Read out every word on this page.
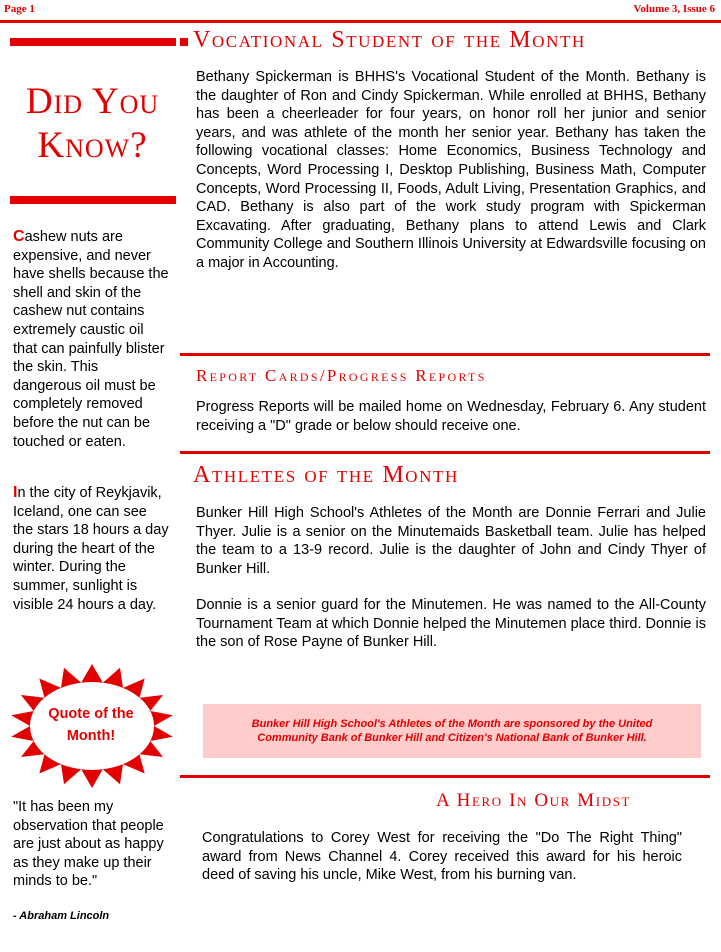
Page 1	Volume 3, Issue 6
Did You
Know?
Cashew nuts are expensive, and never have shells because the shell and skin of the cashew nut contains extremely caustic oil that can painfully blister the skin. This dangerous oil must be completely removed before the nut can be touched or eaten.
In the city of Reykjavik, Iceland, one can see the stars 18 hours a day during the heart of the winter. During the summer, sunlight is visible 24 hours a day.
Quote of the
Month!
"It has been my observation that people are just about as happy as they make up their minds to be."
- Abraham Lincoln
Vocational Student of the Month
Bethany Spickerman is BHHS's Vocational Student of the Month. Bethany is the daughter of Ron and Cindy Spickerman. While enrolled at BHHS, Bethany has been a cheerleader for four years, on honor roll her junior and senior years, and was athlete of the month her senior year. Bethany has taken the following vocational classes: Home Economics, Business Technology and Concepts, Word Processing I, Desktop Publishing, Business Math, Computer Concepts, Word Processing II, Foods, Adult Living, Presentation Graphics, and CAD. Bethany is also part of the work study program with Spickerman Excavating. After graduating, Bethany plans to attend Lewis and Clark Community College and Southern Illinois University at Edwardsville focusing on a major in Accounting.
Report Cards/Progress Reports
Progress Reports will be mailed home on Wednesday, February 6. Any student receiving a "D" grade or below should receive one.
Athletes of the Month
Bunker Hill High School's Athletes of the Month are Donnie Ferrari and Julie Thyer. Julie is a senior on the Minutemaids Basketball team. Julie has helped the team to a 13-9 record. Julie is the daughter of John and Cindy Thyer of Bunker Hill.
Donnie is a senior guard for the Minutemen. He was named to the All-County Tournament Team at which Donnie helped the Minutemen place third. Donnie is the son of Rose Payne of Bunker Hill.
Bunker Hill High School's Athletes of the Month are sponsored by the United Community Bank of Bunker Hill and Citizen's National Bank of Bunker Hill.
A Hero In Our Midst
Congratulations to Corey West for receiving the "Do The Right Thing" award from News Channel 4. Corey received this award for his heroic deed of saving his uncle, Mike West, from his burning van.
